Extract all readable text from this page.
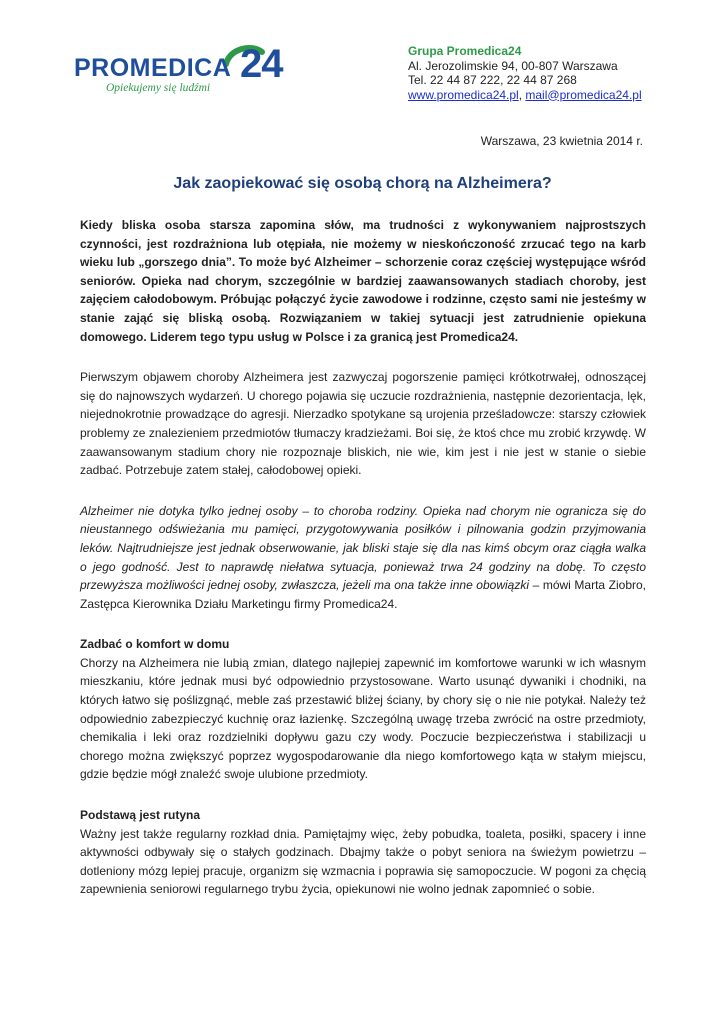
PROMEDICA 24
Opiekujemy się ludźmi
Grupa Promedica24
Al. Jerozolimskie 94, 00-807 Warszawa
Tel. 22 44 87 222, 22 44 87 268
www.promedica24.pl, mail@promedica24.pl
Warszawa, 23 kwietnia 2014 r.
Jak zaopiekować się osobą chorą na Alzheimera?

Kiedy bliska osoba starsza zapomina słów, ma trudności z wykonywaniem najprostszych czynności, jest rozdrażniona lub otępiała, nie możemy w nieskończoność zrzucać tego na karb wieku lub „gorszego dnia”. To może być Alzheimer – schorzenie coraz częściej występujące wśród seniorów. Opieka nad chorym, szczególnie w bardziej zaawansowanych stadiach choroby, jest zajęciem całodobowym. Próbując połączyć życie zawodowe i rodzinne, często sami nie jesteśmy w stanie zająć się bliską osobą. Rozwiązaniem w takiej sytuacji jest zatrudnienie opiekuna domowego. Liderem tego typu usług w Polsce i za granicą jest Promedica24.

Pierwszym objawem choroby Alzheimera jest zazwyczaj pogorszenie pamięci krótkotrwałej, odnoszącej się do najnowszych wydarzeń. U chorego pojawia się uczucie rozdrażnienia, następnie dezorientacja, lęk, niejednokrotnie prowadzące do agresji. Nierzadko spotykane są urojenia prześladowcze: starszy człowiek problemy ze znalezieniem przedmiotów tłumaczy kradzieżami. Boi się, że ktoś chce mu zrobić krzywdę. W zaawansowanym stadium chory nie rozpoznaje bliskich, nie wie, kim jest i nie jest w stanie o siebie zadbać. Potrzebuje zatem stałej, całodobowej opieki.

Alzheimer nie dotyka tylko jednej osoby – to choroba rodziny. Opieka nad chorym nie ogranicza się do nieustannego odświeżania mu pamięci, przygotowywania posiłków i pilnowania godzin przyjmowania leków. Najtrudniejsze jest jednak obserwowanie, jak bliski staje się dla nas kimś obcym oraz ciągła walka o jego godność. Jest to naprawdę niełatwa sytuacja, ponieważ trwa 24 godziny na dobę. To często przewyższa możliwości jednej osoby, zwłaszcza, jeżeli ma ona także inne obowiązki – mówi Marta Ziobro, Zastępca Kierownika Działu Marketingu firmy Promedica24.

Zadbać o komfort w domu

Chorzy na Alzheimera nie lubią zmian, dlatego najlepiej zapewnić im komfortowe warunki w ich własnym mieszkaniu, które jednak musi być odpowiednio przystosowane. Warto usunąć dywaniki i chodniki, na których łatwo się poślizgnąć, meble zaś przestawić bliżej ściany, by chory się o nie nie potykał. Należy też odpowiednio zabezpieczyć kuchnię oraz łazienkę. Szczególną uwagę trzeba zwrócić na ostre przedmioty, chemikalia i leki oraz rozdzielniki dopływu gazu czy wody. Poczucie bezpieczeństwa i stabilizacji u chorego można zwiększyć poprzez wygospodarowanie dla niego komfortowego kąta w stałym miejscu, gdzie będzie mógł znaleźć swoje ulubione przedmioty.

Podstawą jest rutyna

Ważny jest także regularny rozkład dnia. Pamiętajmy więc, żeby pobudka, toaleta, posiłki, spacery i inne aktywności odbywały się o stałych godzinach. Dbajmy także o pobyt seniora na świeżym powietrzu – dotleniony mózg lepiej pracuje, organizm się wzmacnia i poprawia się samopoczucie. W pogoni za chęcią zapewnienia seniorowi regularnego trybu życia, opiekunowi nie wolno jednak zapomnieć o sobie.
